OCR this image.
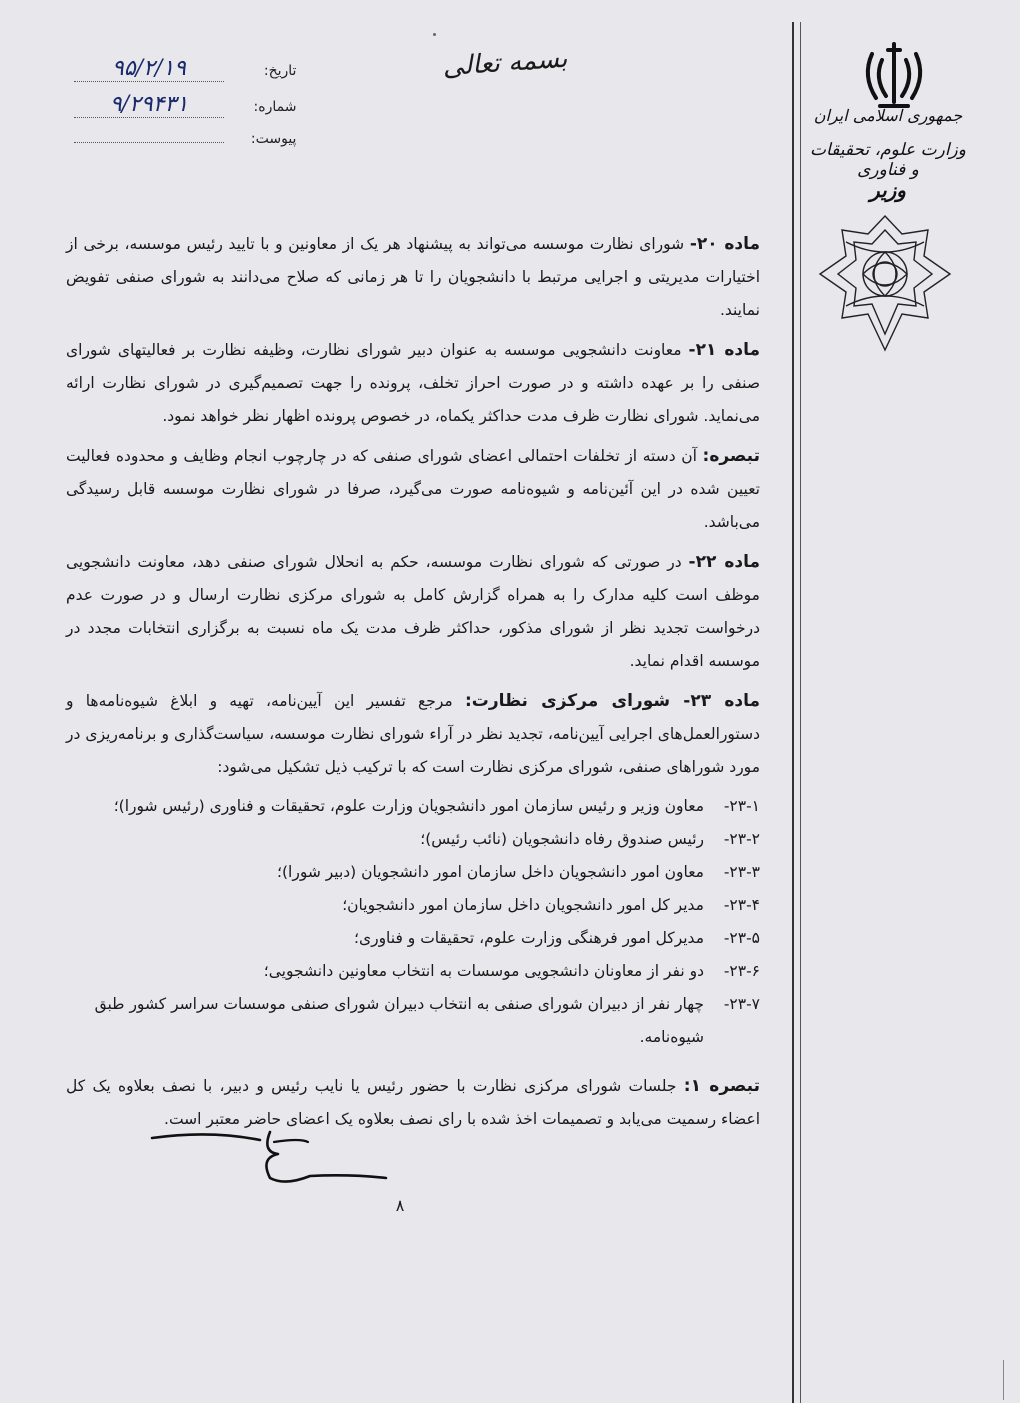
تاریخ: ۹۵/۲/۱۹
شماره: ۹/۲۹۴۳۱
پیوست:
بسمه تعالی
جمهوری اسلامی ایران
وزارت علوم، تحقیقات و فناوری
وزیر

ماده ۲۰- شورای نظارت موسسه می‌تواند به پیشنهاد هر یک از معاونین و با تایید رئیس موسسه، برخی از اختیارات مدیریتی و اجرایی مرتبط با دانشجویان را تا هر زمانی که صلاح می‌دانند به شورای صنفی تفویض نمایند.

ماده ۲۱- معاونت دانشجویی موسسه به عنوان دبیر شورای نظارت، وظیفه نظارت بر فعالیتهای شورای صنفی را بر عهده داشته و در صورت احراز تخلف، پرونده را جهت تصمیم‌گیری در شورای نظارت ارائه می‌نماید. شورای نظارت ظرف مدت حداکثر یکماه، در خصوص پرونده اظهار نظر خواهد نمود.

تبصره: آن دسته از تخلفات احتمالی اعضای شورای صنفی که در چارچوب انجام وظایف و محدوده فعالیت تعیین شده در این آئین‌نامه و شیوه‌نامه صورت می‌گیرد، صرفا در شورای نظارت موسسه قابل رسیدگی می‌باشد.

ماده ۲۲- در صورتی که شورای نظارت موسسه، حکم به انحلال شورای صنفی دهد، معاونت دانشجویی موظف است کلیه مدارک را به همراه گزارش کامل به شورای مرکزی نظارت ارسال و در صورت عدم درخواست تجدید نظر از شورای مذکور، حداکثر ظرف مدت یک ماه نسبت به برگزاری انتخابات مجدد در موسسه اقدام نماید.

ماده ۲۳- شورای مرکزی نظارت: مرجع تفسیر این آیین‌نامه، تهیه و ابلاغ شیوه‌نامه‌ها و دستورالعمل‌های اجرایی آیین‌نامه، تجدید نظر در آراء شورای نظارت موسسه، سیاست‌گذاری و برنامه‌ریزی در مورد شوراهای صنفی، شورای مرکزی نظارت است که با ترکیب ذیل تشکیل می‌شود:

۲۳-۱-
معاون وزیر و رئیس سازمان امور دانشجویان وزارت علوم، تحقیقات و فناوری (رئیس شورا)؛
۲۳-۲-
رئیس صندوق رفاه دانشجویان (نائب رئیس)؛
۲۳-۳-
معاون امور دانشجویان داخل سازمان امور دانشجویان (دبیر شورا)؛
۲۳-۴-
مدیر کل امور دانشجویان داخل سازمان امور دانشجویان؛
۲۳-۵-
مدیرکل امور فرهنگی وزارت علوم، تحقیقات و فناوری؛
۲۳-۶-
دو نفر از معاونان دانشجویی موسسات به انتخاب معاونین دانشجویی؛
۲۳-۷-
چهار نفر از دبیران شورای صنفی به انتخاب دبیران شورای صنفی موسسات سراسر کشور طبق شیوه‌نامه.

تبصره ۱: جلسات شورای مرکزی نظارت با حضور رئیس یا نایب رئیس و دبیر، با نصف بعلاوه یک کل اعضاء رسمیت می‌یابد و تصمیمات اخذ شده با رای نصف بعلاوه یک اعضای حاضر معتبر است.

۸
